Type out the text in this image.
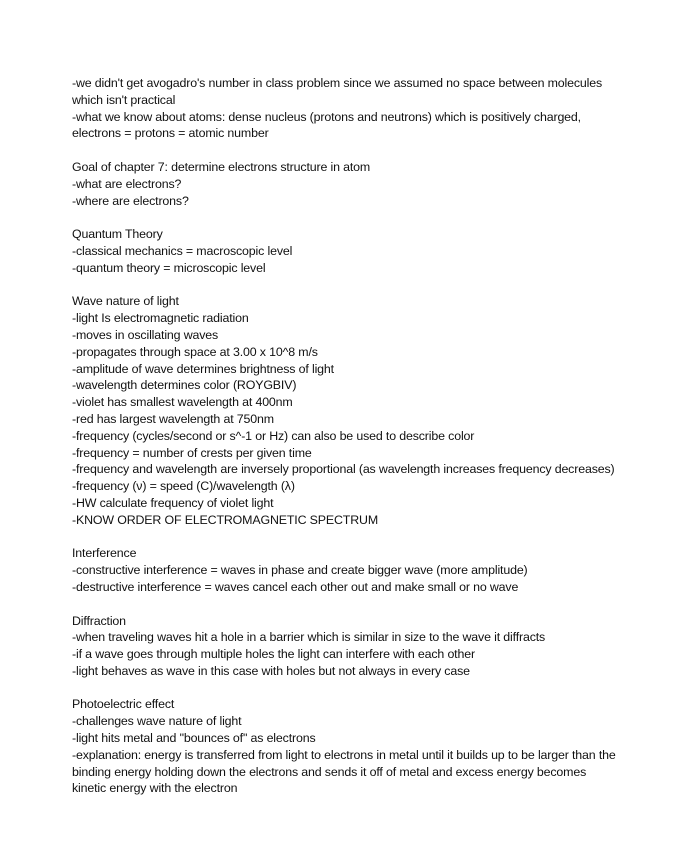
-we didn't get avogadro's number in class problem since we assumed no space between molecules which isn't practical
-what we know about atoms: dense nucleus (protons and neutrons) which is positively charged, electrons = protons = atomic number
Goal of chapter 7: determine electrons structure in atom
-what are electrons?
-where are electrons?
Quantum Theory
-classical mechanics = macroscopic level
-quantum theory = microscopic level
Wave nature of light
-light Is electromagnetic radiation
-moves in oscillating waves
-propagates through space at 3.00 x 10^8 m/s
-amplitude of wave determines brightness of light
-wavelength determines color (ROYGBIV)
-violet has smallest wavelength at 400nm
-red has largest wavelength at 750nm
-frequency (cycles/second or s^-1 or Hz) can also be used to describe color
-frequency = number of crests per given time
-frequency and wavelength are inversely proportional (as wavelength increases frequency decreases)
-frequency (ν) = speed (C)/wavelength (λ)
-HW calculate frequency of violet light
-KNOW ORDER OF ELECTROMAGNETIC SPECTRUM
Interference
-constructive interference = waves in phase and create bigger wave (more amplitude)
-destructive interference = waves cancel each other out and make small or no wave
Diffraction
-when traveling waves hit a hole in a barrier which is similar in size to the wave it diffracts
-if a wave goes through multiple holes the light can interfere with each other
-light behaves as wave in this case with holes but not always in every case
Photoelectric effect
-challenges wave nature of light
-light hits metal and "bounces of" as electrons
-explanation: energy is transferred from light to electrons in metal until it builds up to be larger than the binding energy holding down the electrons and sends it off of metal and excess energy becomes kinetic energy with the electron
